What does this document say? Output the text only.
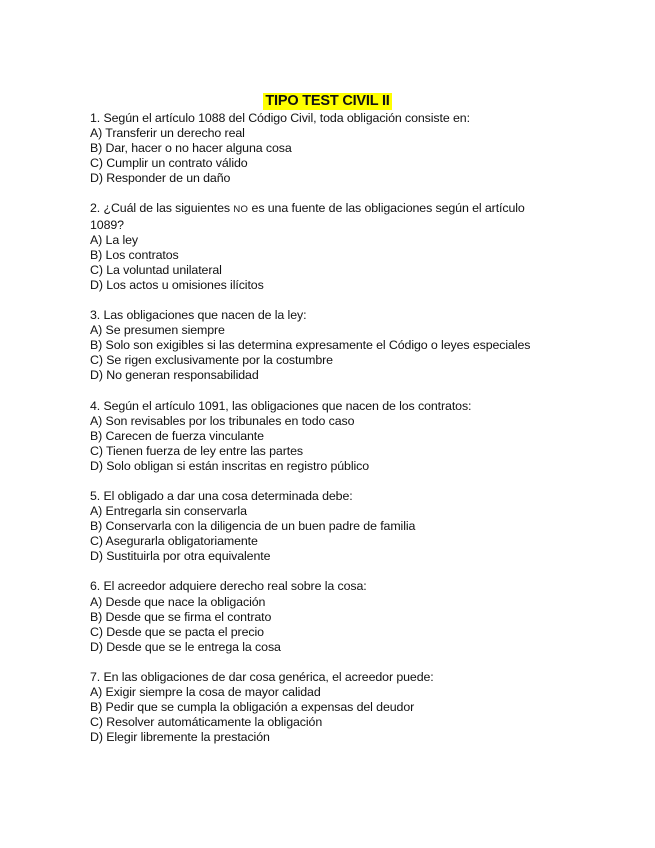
TIPO TEST CIVIL II
1. Según el artículo 1088 del Código Civil, toda obligación consiste en:
A) Transferir un derecho real
B) Dar, hacer o no hacer alguna cosa
C) Cumplir un contrato válido
D) Responder de un daño
2. ¿Cuál de las siguientes NO es una fuente de las obligaciones según el artículo 1089?
A) La ley
B) Los contratos
C) La voluntad unilateral
D) Los actos u omisiones ilícitos
3. Las obligaciones que nacen de la ley:
A) Se presumen siempre
B) Solo son exigibles si las determina expresamente el Código o leyes especiales
C) Se rigen exclusivamente por la costumbre
D) No generan responsabilidad
4. Según el artículo 1091, las obligaciones que nacen de los contratos:
A) Son revisables por los tribunales en todo caso
B) Carecen de fuerza vinculante
C) Tienen fuerza de ley entre las partes
D) Solo obligan si están inscritas en registro público
5. El obligado a dar una cosa determinada debe:
A) Entregarla sin conservarla
B) Conservarla con la diligencia de un buen padre de familia
C) Asegurarla obligatoriamente
D) Sustituirla por otra equivalente
6. El acreedor adquiere derecho real sobre la cosa:
A) Desde que nace la obligación
B) Desde que se firma el contrato
C) Desde que se pacta el precio
D) Desde que se le entrega la cosa
7. En las obligaciones de dar cosa genérica, el acreedor puede:
A) Exigir siempre la cosa de mayor calidad
B) Pedir que se cumpla la obligación a expensas del deudor
C) Resolver automáticamente la obligación
D) Elegir libremente la prestación
